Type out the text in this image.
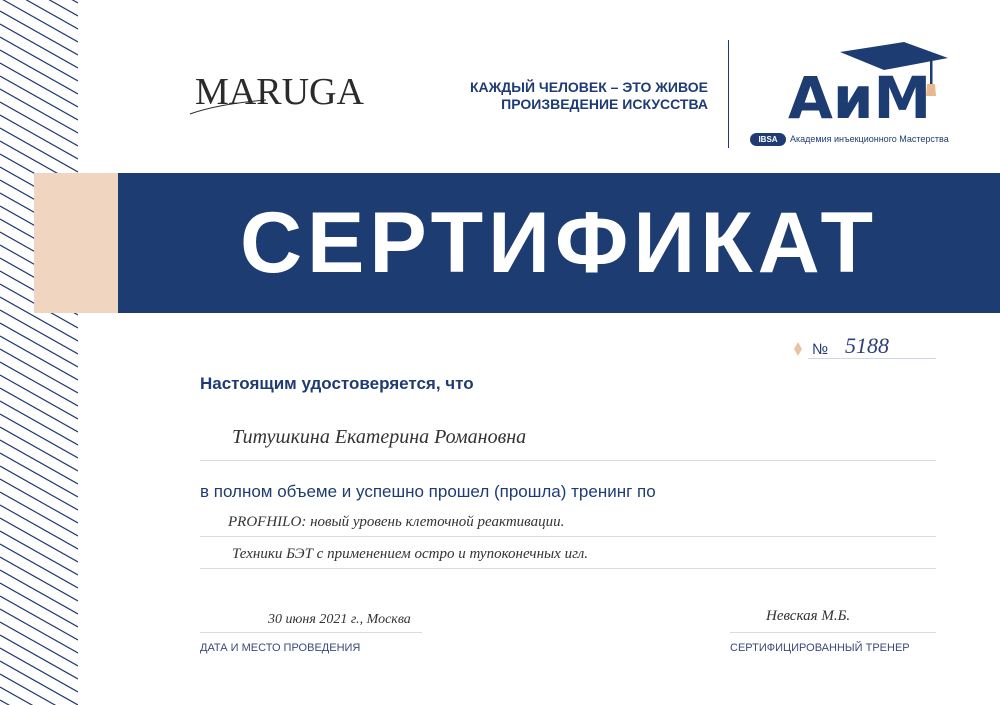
СЕРТИФИКАТ
MARUGA	КАЖДЫЙ ЧЕЛОВЕК – ЭТО ЖИВОЕ
ПРОИЗВЕДЕНИЕ ИСКУССТВА АиМ
IBSA	Академия инъекционного Мастерства
№ 5188
Настоящим удостоверяется, что
Титушкина Екатерина Романовна
в полном объеме и успешно прошел (прошла) тренинг по
PROFHILO: новый уровень клеточной реактивации.
Техники БЭТ с применением остро и тупоконечных игл.
30 июня 2021 г., Москва
ДАТА И МЕСТО ПРОВЕДЕНИЯ
Невская М.Б.
СЕРТИФИЦИРОВАННЫЙ ТРЕНЕР
